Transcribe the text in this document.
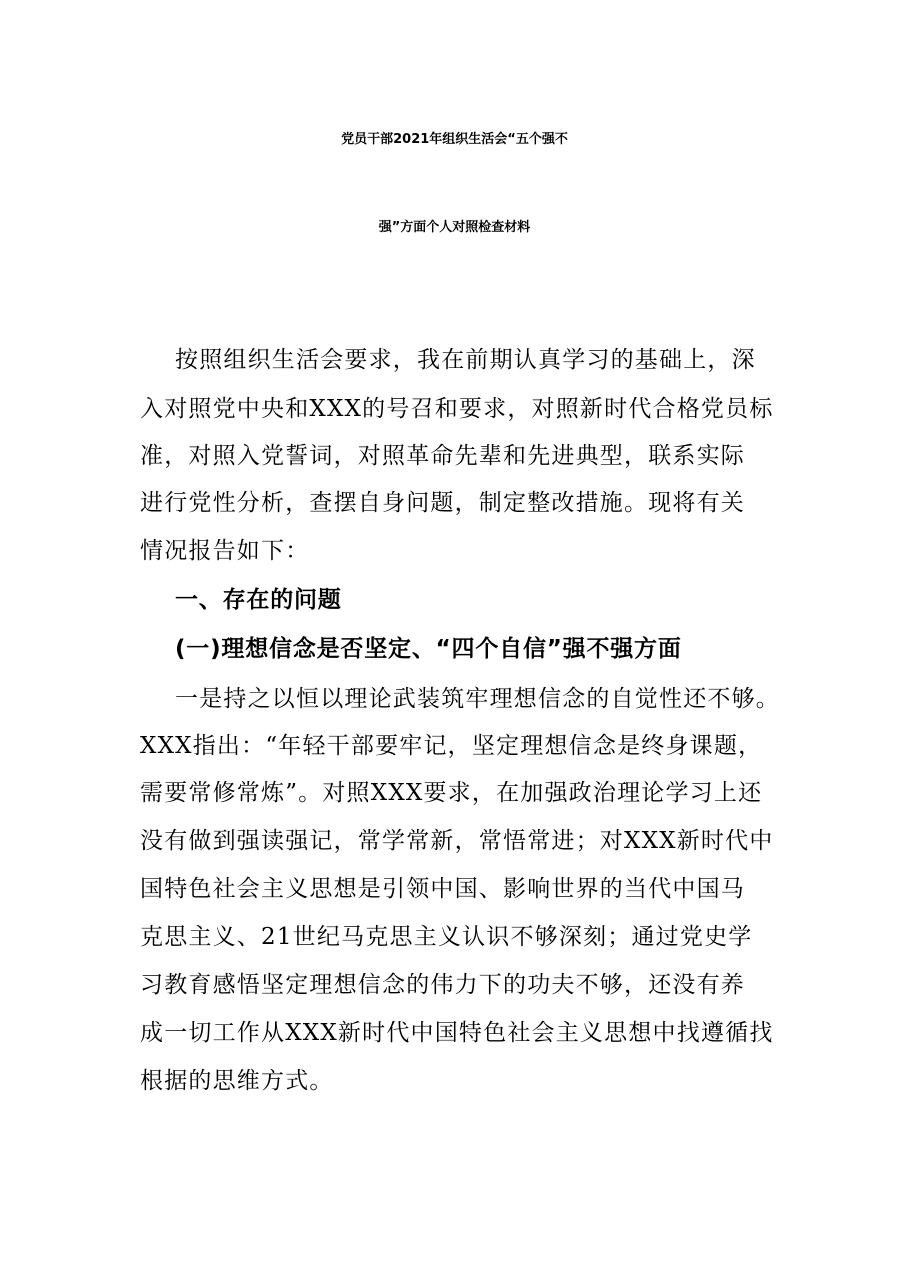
党员干部2021年组织生活会“五个强不
强”方面个人对照检查材料
按照组织生活会要求，我在前期认真学习的基础上，深
入对照党中央和XXX的号召和要求，对照新时代合格党员标
准，对照入党誓词，对照革命先辈和先进典型，联系实际
进行党性分析，查摆自身问题，制定整改措施。现将有关
情况报告如下：
一、存在的问题
(一)理想信念是否坚定、“四个自信”强不强方面
一是持之以恒以理论武装筑牢理想信念的自觉性还不够。
XXX指出：“年轻干部要牢记，坚定理想信念是终身课题，
需要常修常炼”。对照XXX要求，在加强政治理论学习上还
没有做到强读强记，常学常新，常悟常进；对XXX新时代中
国特色社会主义思想是引领中国、影响世界的当代中国马
克思主义、21世纪马克思主义认识不够深刻；通过党史学
习教育感悟坚定理想信念的伟力下的功夫不够，还没有养
成一切工作从XXX新时代中国特色社会主义思想中找遵循找
根据的思维方式。
